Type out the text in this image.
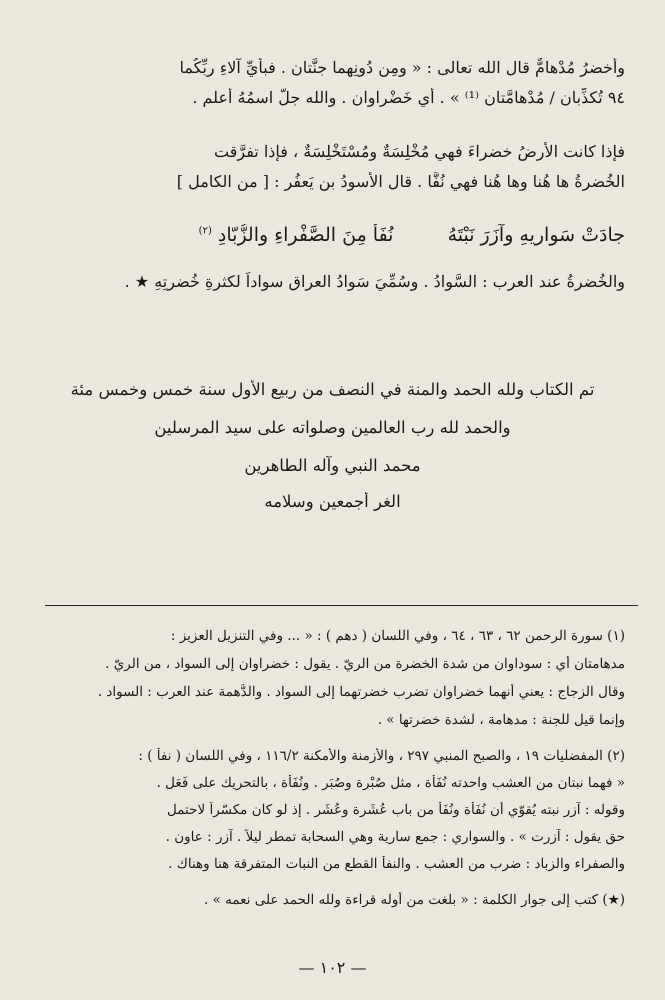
وأخضرُ مُدْهامٌّ قال الله تعالى : « ومِن دُونِهما جنَّتانِ . فبأيِّ آلاءِ ربِّكُما
٩٤ تُكذِّبان / مُدْهامَّتان ⁽¹⁾ » . أي خَضْراوان . والله جلَّ اسمُهُ أعلم .
فإذا كانت الأرضُ خضراءَ فهي مُخْلِسَةٌ ومُسْتَخْلِسَةٌ ، فإذا تفرَّقت
الخُضرةُ ها هُنا وها هُنا فهي نُفَّا . قال الأسودُ بن يَعفُر : [ من الكامل ]
جادَتْ سَوارِيهِ وآزَرَ نَبْتَهُ  نُفَأٌ مِنَ الصَّفْراءِ والزُّبّادِ $^{(٢)}$
والخُضرةُ عند العرب : السَّوادُ . وسُمِّيَ سَوادُ العراقِ سواداً لكثرةِ خُضرتِهِ ★ .
تم الكتاب ولله الحمد والمنة في النصف من ربيع الأول سنة خمس وخمس مئة
والحمد لله رب العالمين وصلواته على سيد المرسلين
محمد النبي وآله الطاهرين
الغر أجمعين وسلامه
(١) سورة الرحمن ٦٢ ، ٦٣ ، ٦٤ ، وفي اللسان ( دهم ) : « ... وفي التنزيل العزيز :
مدهامتان أي : سوداوان من شدة الخضرة من الريّ . يقول : خضراوان إلى السواد ، من الريّ .
وقال الزجاج : يعني أنهما خضراوان تضرب خضرتهما إلى السواد . والدُّهمة عند العرب : السواد .
وإنما قيل للجنة : مدهامة ، لشدة خضرتها » .
(٢) المفضليات ١٩ ، والصبح المنبي ٢٩٧ ، والأزمنة والأمكنة ١١٦/٢ ، وفي اللسان ( نفأ ) :
« فهما نبتان من العشب واحدته نُفَأة ، مثل صُبْرة وصُبَر . ونُفَأَة ، بالتحريك على فَعَل .
وقوله : آزر نبته يُقوّي أن نُفَأة ونُفَأ من باب عُشَرة وعُشَر . إذ لو كان مكسّراً لاحتمل
حق يقول : آزرت » . والسواري : جمع سارية وهي السحابة تمطر ليلاً . آزر : عاون .
والصفراء والزباد : ضرب من العشب . والنفأ القطع من النبات المتفرقة هنا وهناك .
(★) كتب إلى جوار الكلمة : « بلغت من أوله قراءة ولله الحمد على نعمه » .
— ١٠٢ —
